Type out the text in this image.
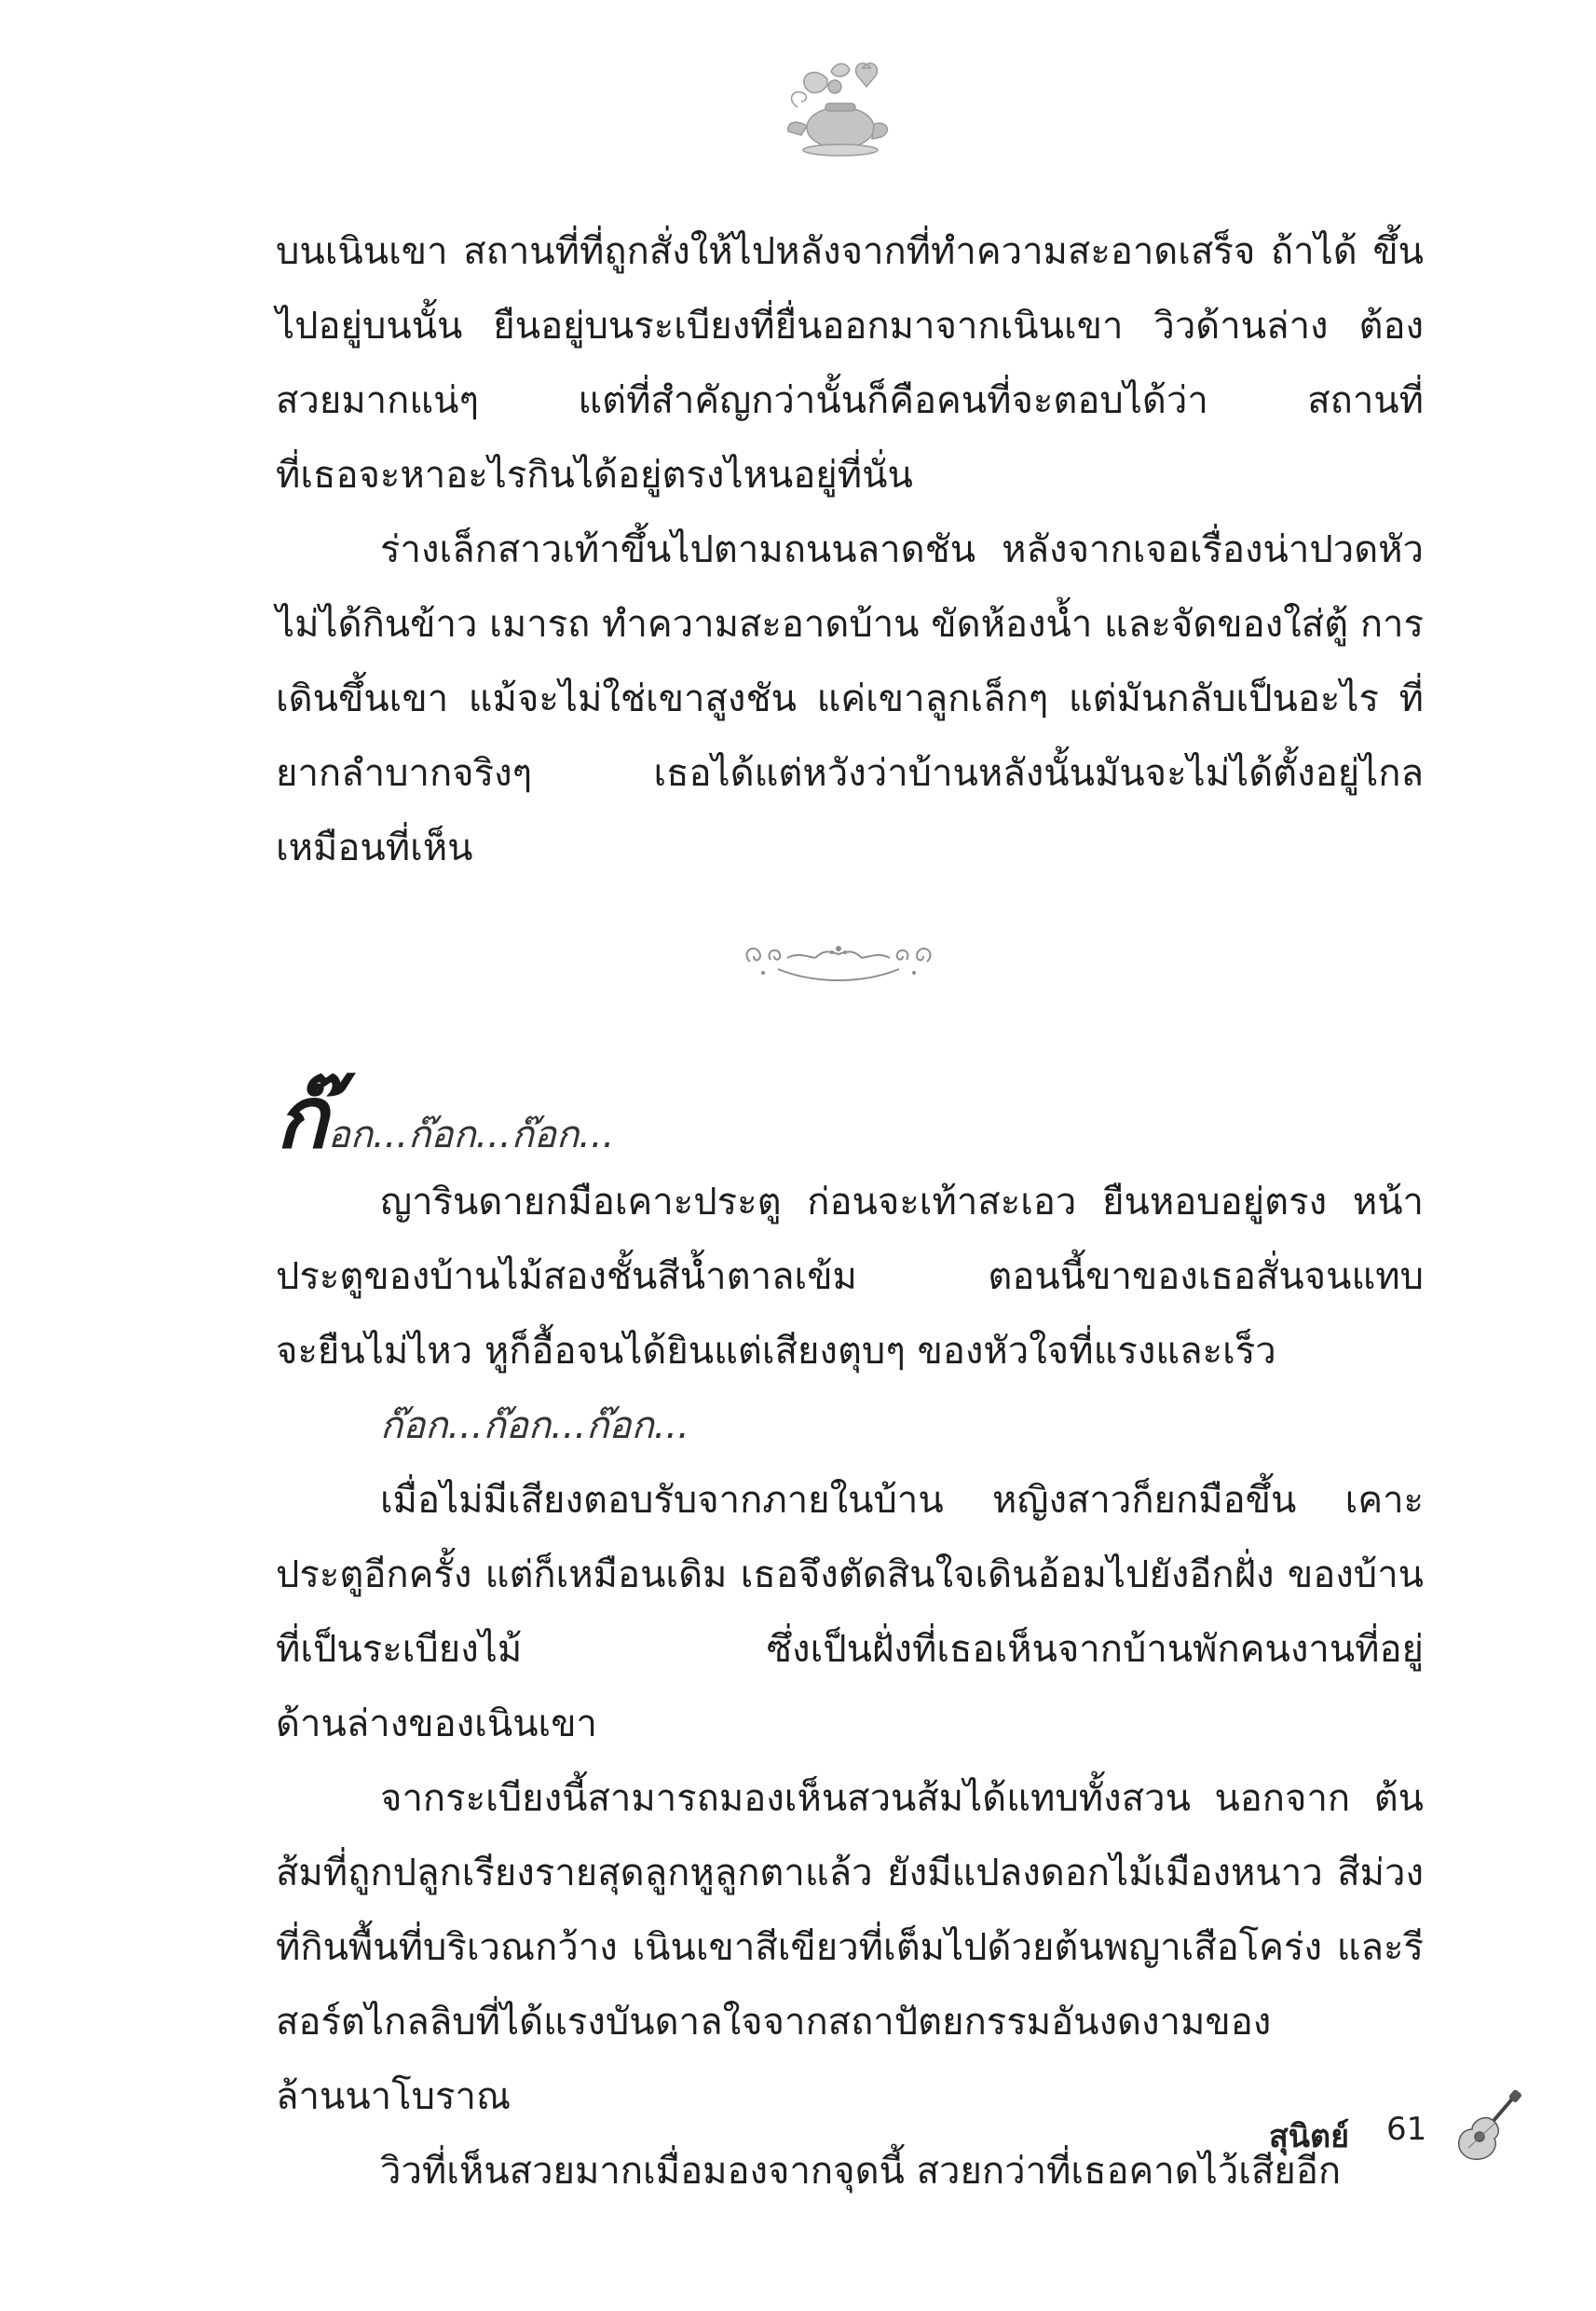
บนเนินเขา สถานที่ที่ถูกสั่งให้ไปหลังจากที่ทำความสะอาดเสร็จ ถ้าได้ ขึ้นไปอยู่บนนั้น ยืนอยู่บนระเบียงที่ยื่นออกมาจากเนินเขา วิวด้านล่าง ต้องสวยมากแน่ๆ แต่ที่สำคัญกว่านั้นก็คือคนที่จะตอบได้ว่า สถานที่

ที่เธอจะหาอะไรกินได้อยู่ตรงไหนอยู่ที่นั่น

ร่างเล็กสาวเท้าขึ้นไปตามถนนลาดชัน หลังจากเจอเรื่องน่าปวดหัว ไม่ได้กินข้าว เมารถ ทำความสะอาดบ้าน ขัดห้องน้ำ และจัดของใส่ตู้ การเดินขึ้นเขา แม้จะไม่ใช่เขาสูงชัน แค่เขาลูกเล็กๆ แต่มันกลับเป็นอะไร ที่ยากลำบากจริงๆ เธอได้แต่หวังว่าบ้านหลังนั้นมันจะไม่ได้ตั้งอยู่ไกล

เหมือนที่เห็น

ก๊อก...ก๊อก...ก๊อก...

ญารินดายกมือเคาะประตู ก่อนจะเท้าสะเอว ยืนหอบอยู่ตรง หน้าประตูของบ้านไม้สองชั้นสีน้ำตาลเข้ม ตอนนี้ขาของเธอสั่นจนแทบ

จะยืนไม่ไหว หูก็อื้อจนได้ยินแต่เสียงตุบๆ ของหัวใจที่แรงและเร็ว

ก๊อก...ก๊อก...ก๊อก...

เมื่อไม่มีเสียงตอบรับจากภายในบ้าน หญิงสาวก็ยกมือขึ้น เคาะประตูอีกครั้ง แต่ก็เหมือนเดิม เธอจึงตัดสินใจเดินอ้อมไปยังอีกฝั่ง ของบ้านที่เป็นระเบียงไม้ ซึ่งเป็นฝั่งที่เธอเห็นจากบ้านพักคนงานที่อยู่

ด้านล่างของเนินเขา

จากระเบียงนี้สามารถมองเห็นสวนส้มได้แทบทั้งสวน นอกจาก ต้นส้มที่ถูกปลูกเรียงรายสุดลูกหูลูกตาแล้ว ยังมีแปลงดอกไม้เมืองหนาว สีม่วงที่กินพื้นที่บริเวณกว้าง เนินเขาสีเขียวที่เต็มไปด้วยต้นพญาเสือโคร่ง และรีสอร์ตไกลลิบที่ได้แรงบันดาลใจจากสถาปัตยกรรมอันงดงามของ

ล้านนาโบราณ

วิวที่เห็นสวยมากเมื่อมองจากจุดนี้ สวยกว่าที่เธอคาดไว้เสียอีก

สุนิตย์ 61
